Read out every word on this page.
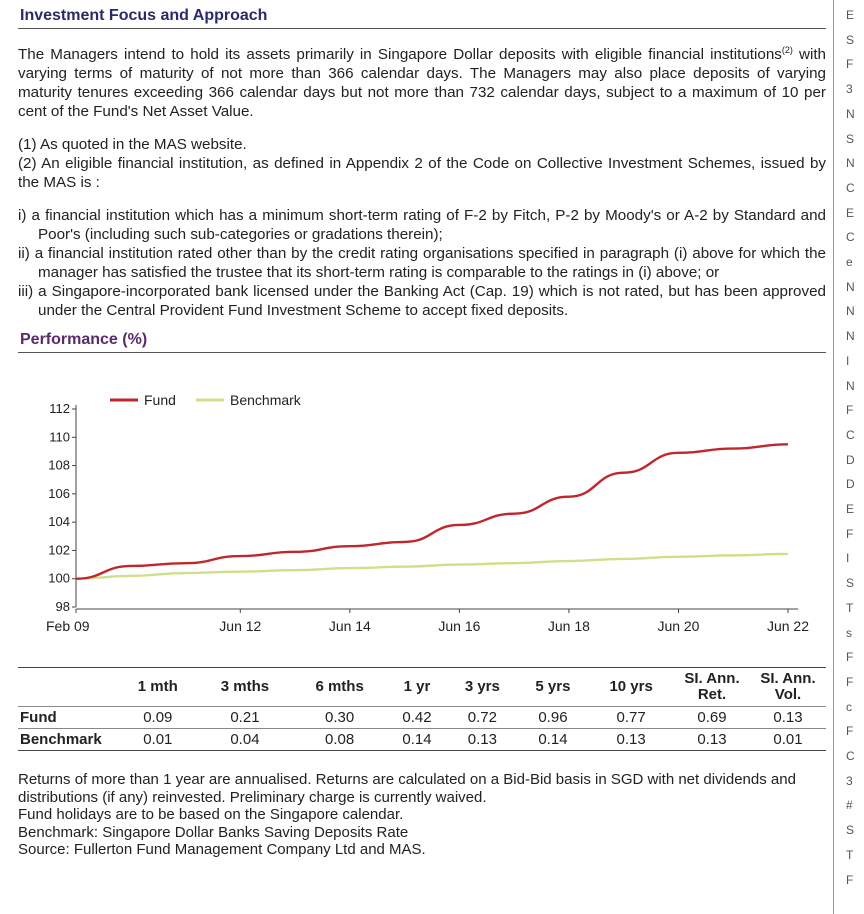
Investment Focus and Approach

The Managers intend to hold its assets primarily in Singapore Dollar deposits with eligible financial institutions$^{(2)}$ with varying terms of maturity of not more than 366 calendar days. The Managers may also place deposits of varying maturity tenures exceeding 366 calendar days but not more than 732 calendar days, subject to a maximum of 10 per cent of the Fund's Net Asset Value.

(1) As quoted in the MAS website.

(2) An eligible financial institution, as defined in Appendix 2 of the Code on Collective Investment Schemes, issued by the MAS is :

i) a financial institution which has a minimum short-term rating of F-2 by Fitch, P-2 by Moody's or A-2 by Standard and Poor's (including such sub-categories or gradations therein);

ii) a financial institution rated other than by the credit rating organisations specified in paragraph (i) above for which the manager has satisfied the trustee that its short-term rating is comparable to the ratings in (i) above; or

iii) a Singapore-incorporated bank licensed under the Banking Act (Cap. 19) which is not rated, but has been approved under the Central Provident Fund Investment Scheme to accept fixed deposits.

Performance (%)
98
100
102
104
106
108
110
112
Feb 09	Jun 12	Jun 14	Jun 16	Jun 18	Jun 20	Jun 22
Fund	Benchmark
	1 mth	3 mths	6 mths	1 yr	3 yrs	5 yrs	10 yrs	SI. Ann. Ret.	SI. Ann. Vol.
Fund	0.09	0.21	0.30	0.42	0.72	0.96	0.77	0.69	0.13
Benchmark	0.01	0.04	0.08	0.14	0.13	0.14	0.13	0.13	0.01
Returns of more than 1 year are annualised. Returns are calculated on a Bid-Bid basis in SGD with net dividends and distributions (if any) reinvested. Preliminary charge is currently waived.
Fund holidays are to be based on the Singapore calendar.
Benchmark: Singapore Dollar Banks Saving Deposits Rate
Source: Fullerton Fund Management Company Ltd and MAS.
E
S
F
3
N
S
N
C
E
C
e
N
N
N
I
N
F
C
D
D
E
F
I
S
T
s
F
F
c
F
C
3
#
S
T
F
